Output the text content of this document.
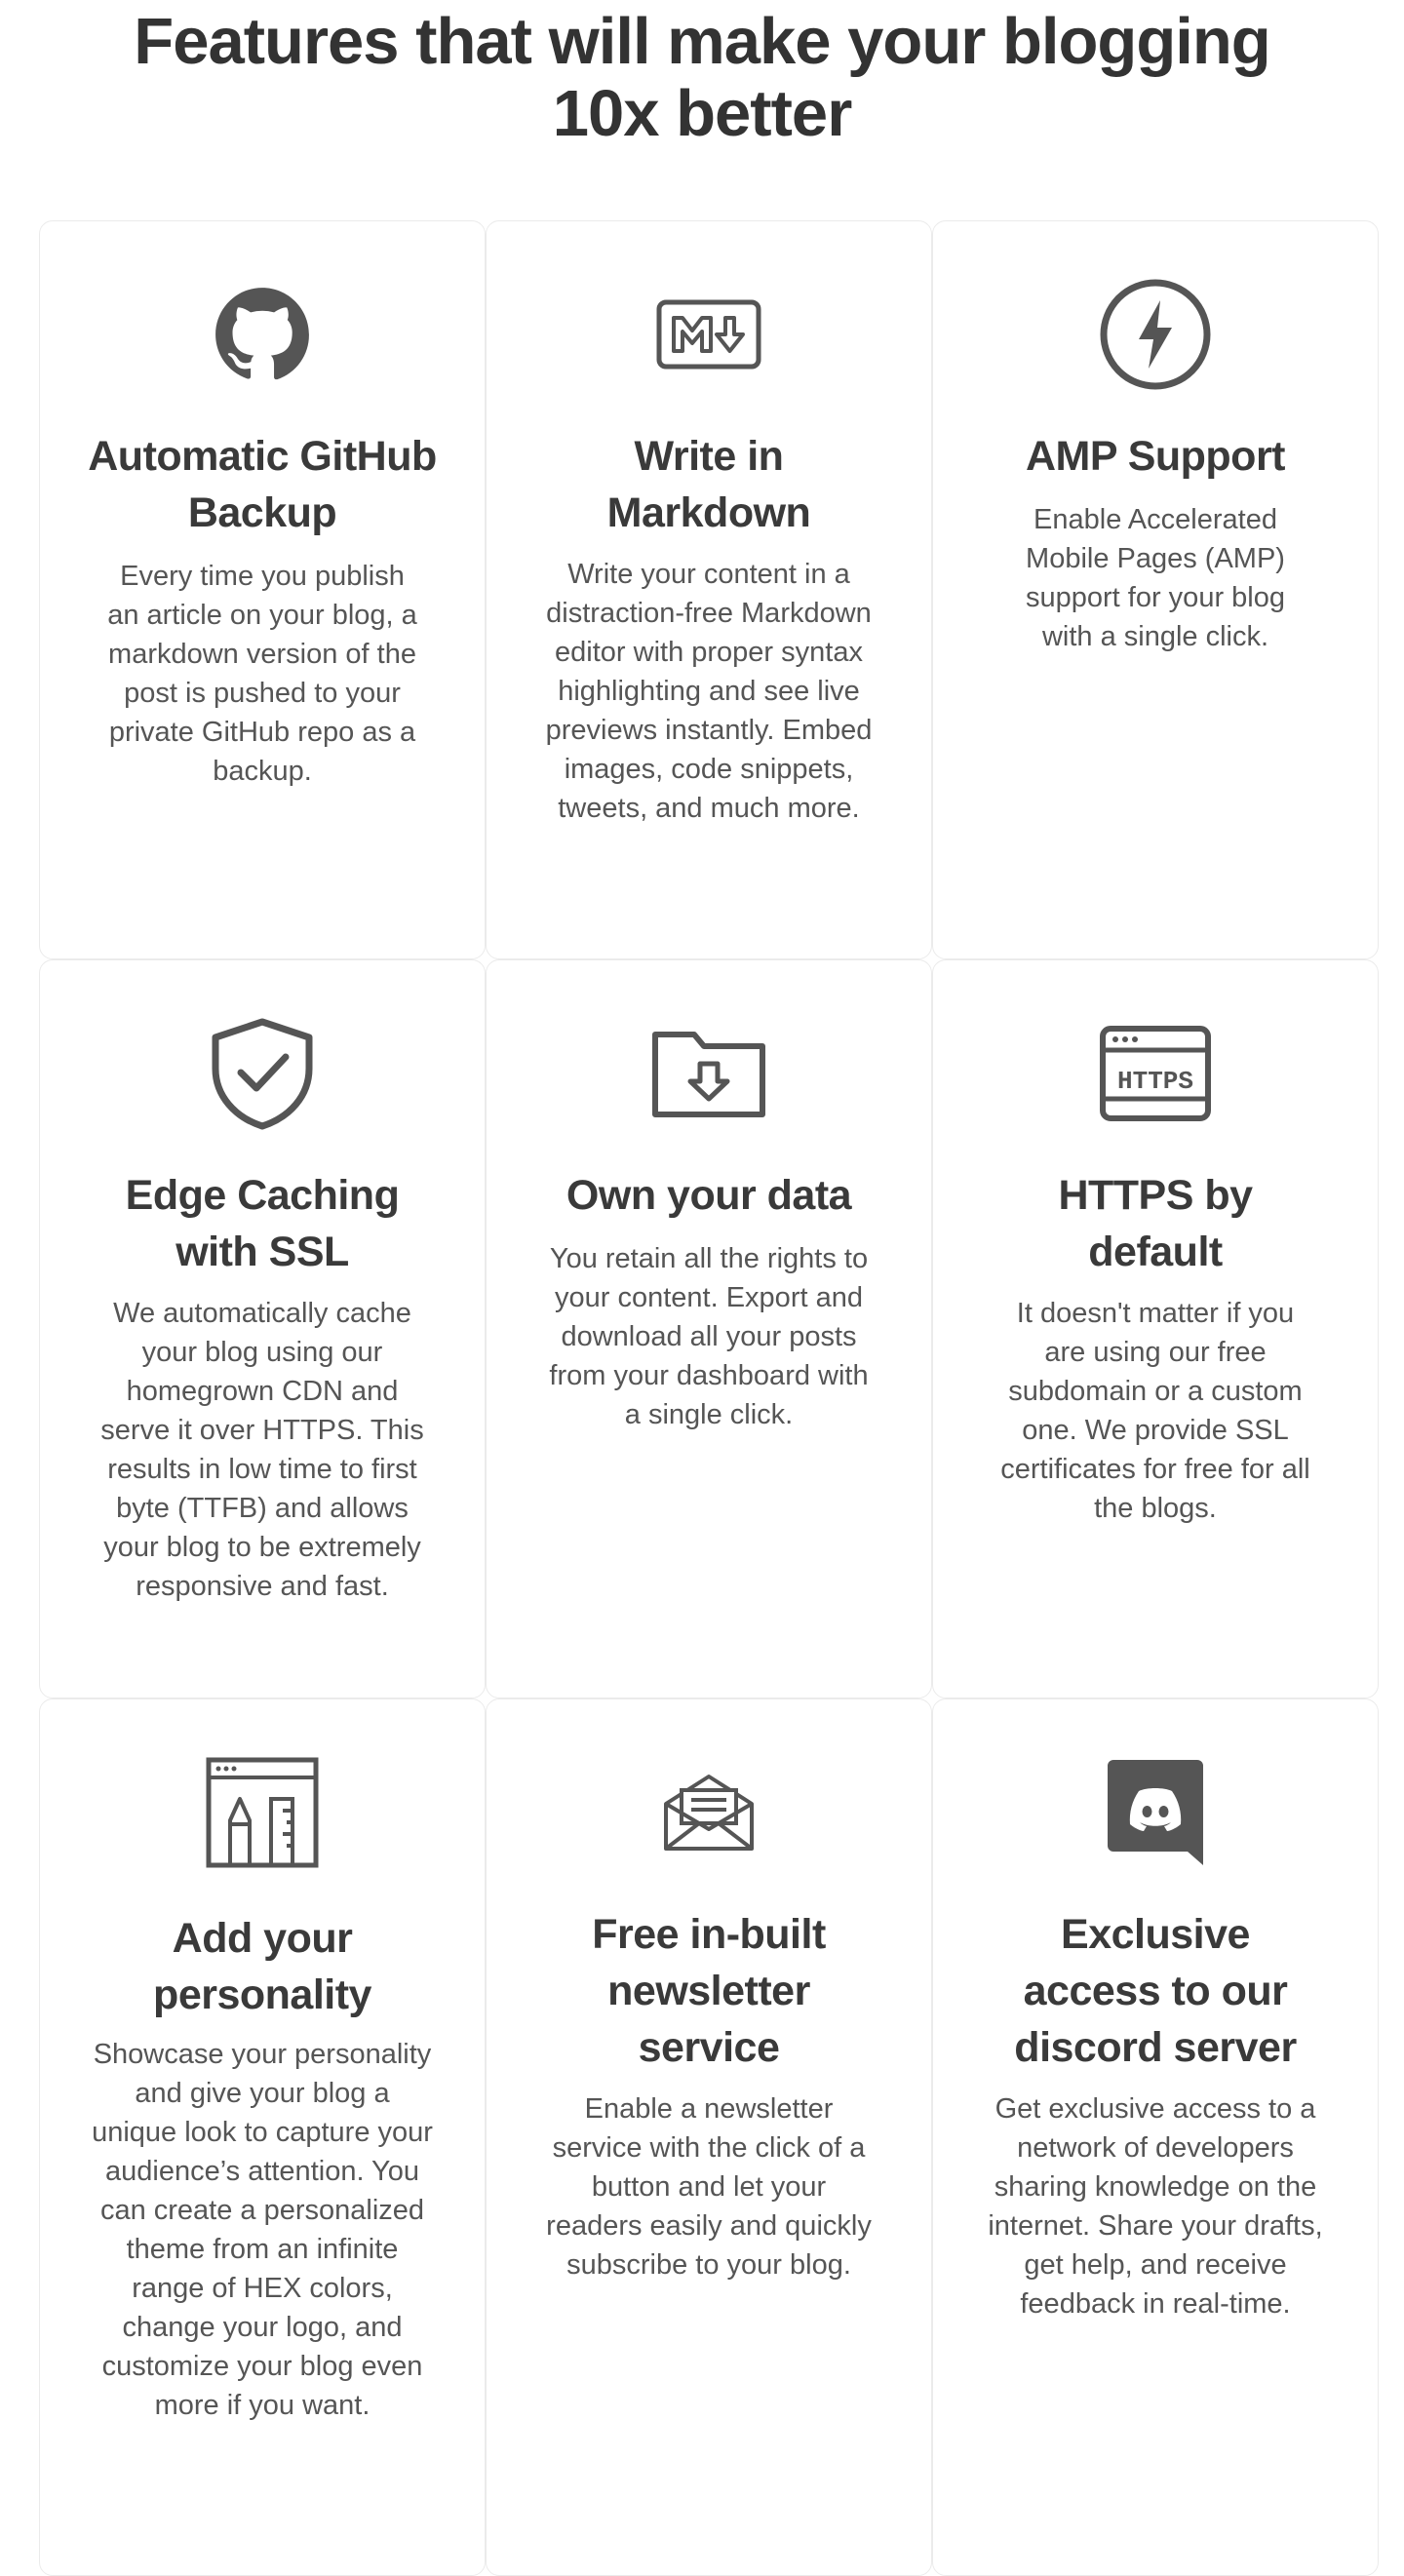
Features that will make your blogging 10x better
Automatic GitHub Backup

Every time you publish an article on your blog, a markdown version of the post is pushed to your private GitHub repo as a backup.

Write in Markdown

Write your content in a distraction-free Markdown editor with proper syntax highlighting and see live previews instantly. Embed images, code snippets, tweets, and much more.

AMP Support

Enable Accelerated Mobile Pages (AMP) support for your blog with a single click.

Edge Caching with SSL

We automatically cache your blog using our homegrown CDN and serve it over HTTPS. This results in low time to first byte (TTFB) and allows your blog to be extremely responsive and fast.

Own your data

You retain all the rights to your content. Export and download all your posts from your dashboard with a single click.

HTTPS
HTTPS by default

It doesn't matter if you are using our free subdomain or a custom one. We provide SSL certificates for free for all the blogs.

Add your personality

Showcase your personality and give your blog a unique look to capture your audience’s attention. You can create a personalized theme from an infinite range of HEX colors, change your logo, and customize your blog even more if you want.

Free in-built newsletter service

Enable a newsletter service with the click of a button and let your readers easily and quickly subscribe to your blog.

Exclusive access to our discord server

Get exclusive access to a network of developers sharing knowledge on the internet. Share your drafts, get help, and receive feedback in real-time.
